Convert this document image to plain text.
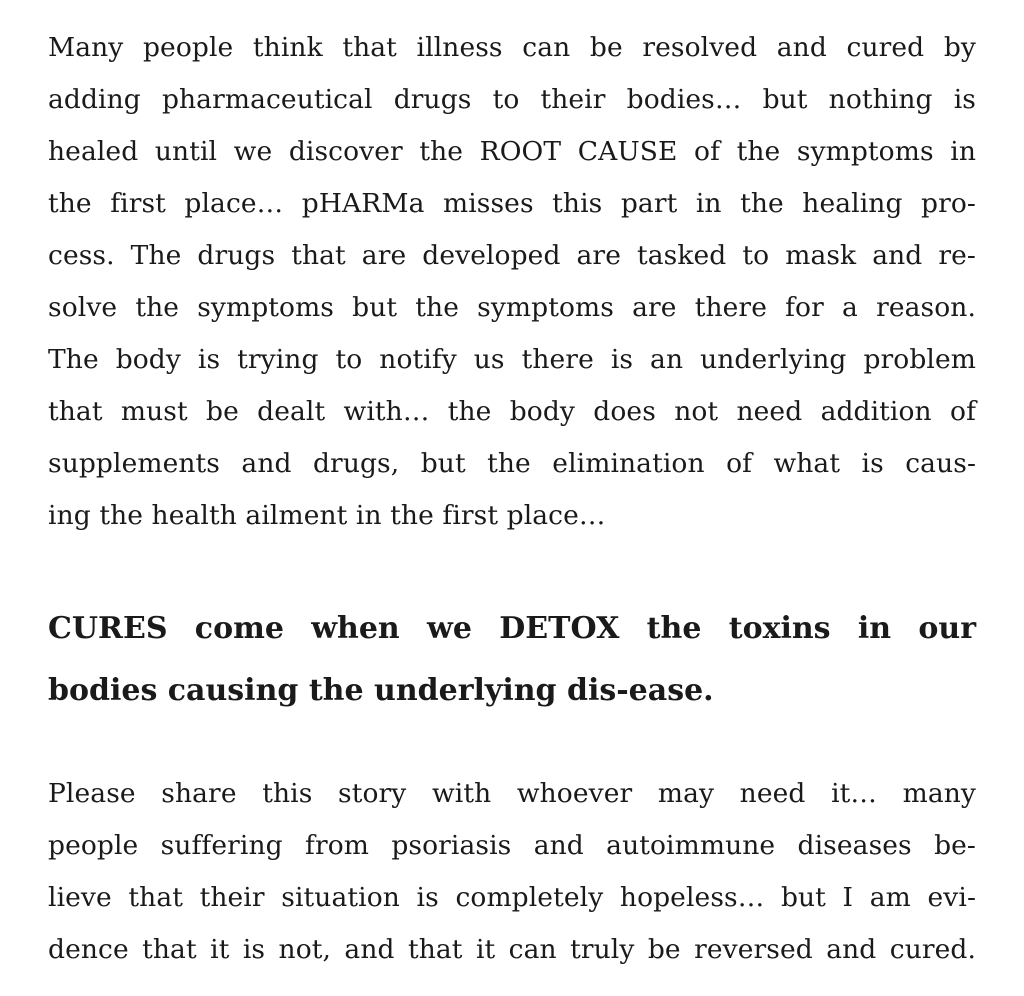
Many people think that illness can be resolved and cured by
adding pharmaceutical drugs to their bodies… but nothing is
healed until we discover the ROOT CAUSE of the symptoms in
the first place… pHARMa misses this part in the healing pro-
cess. The drugs that are developed are tasked to mask and re-
solve the symptoms but the symptoms are there for a reason.
The body is trying to notify us there is an underlying problem
that must be dealt with… the body does not need addition of
supplements and drugs, but the elimination of what is caus-
ing the health ailment in the first place…
CURES come when we DETOX the toxins in our
bodies causing the underlying dis-ease.
Please share this story with whoever may need it… many
people suffering from psoriasis and autoimmune diseases be-
lieve that their situation is completely hopeless… but I am evi-
dence that it is not, and that it can truly be reversed and cured.
